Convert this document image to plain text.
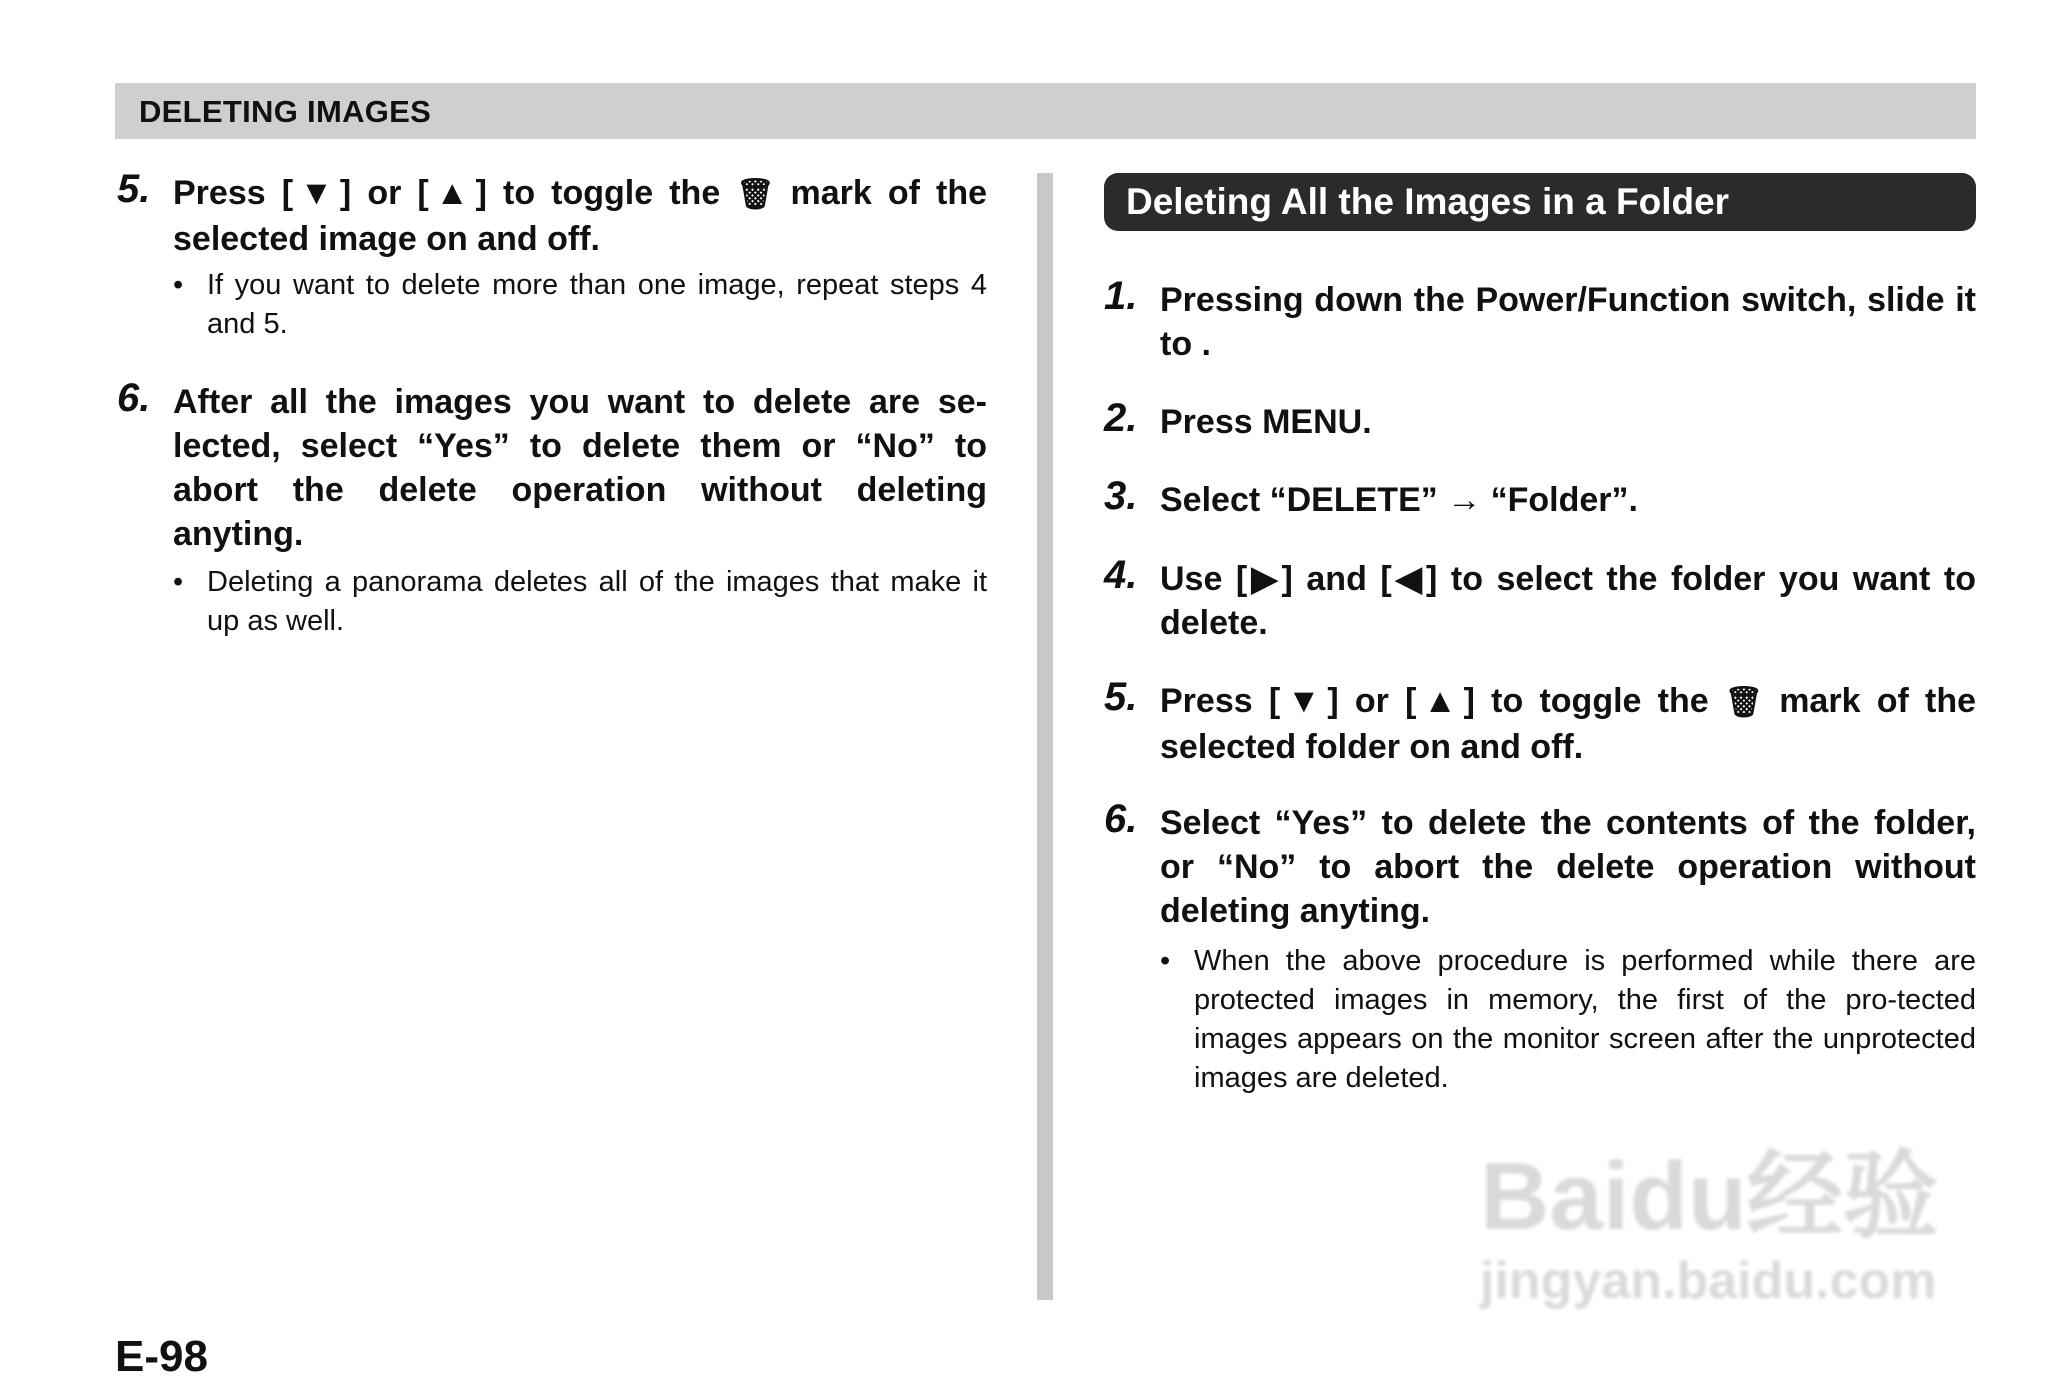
DELETING IMAGES
5. Press [▼] or [▲] to toggle the 🗑 mark of the selected image on and off.
• If you want to delete more than one image, repeat steps 4 and 5.
6. After all the images you want to delete are se-lected, select “Yes” to delete them or “No” to abort the delete operation without deleting anyting.
• Deleting a panorama deletes all of the images that make it up as well.
Deleting All the Images in a Folder
1. Pressing down the Power/Function switch, slide it to .
2. Press MENU.
3. Select “DELETE” → “Folder”.
4. Use [▶] and [◀] to select the folder you want to delete.
5. Press [▼] or [▲] to toggle the 🗑 mark of the selected folder on and off.
6. Select “Yes” to delete the contents of the folder, or “No” to abort the delete operation without deleting anyting.
• When the above procedure is performed while there are protected images in memory, the first of the pro-tected images appears on the monitor screen after the unprotected images are deleted.
Baidu经验
jingyan.baidu.com
E-98
